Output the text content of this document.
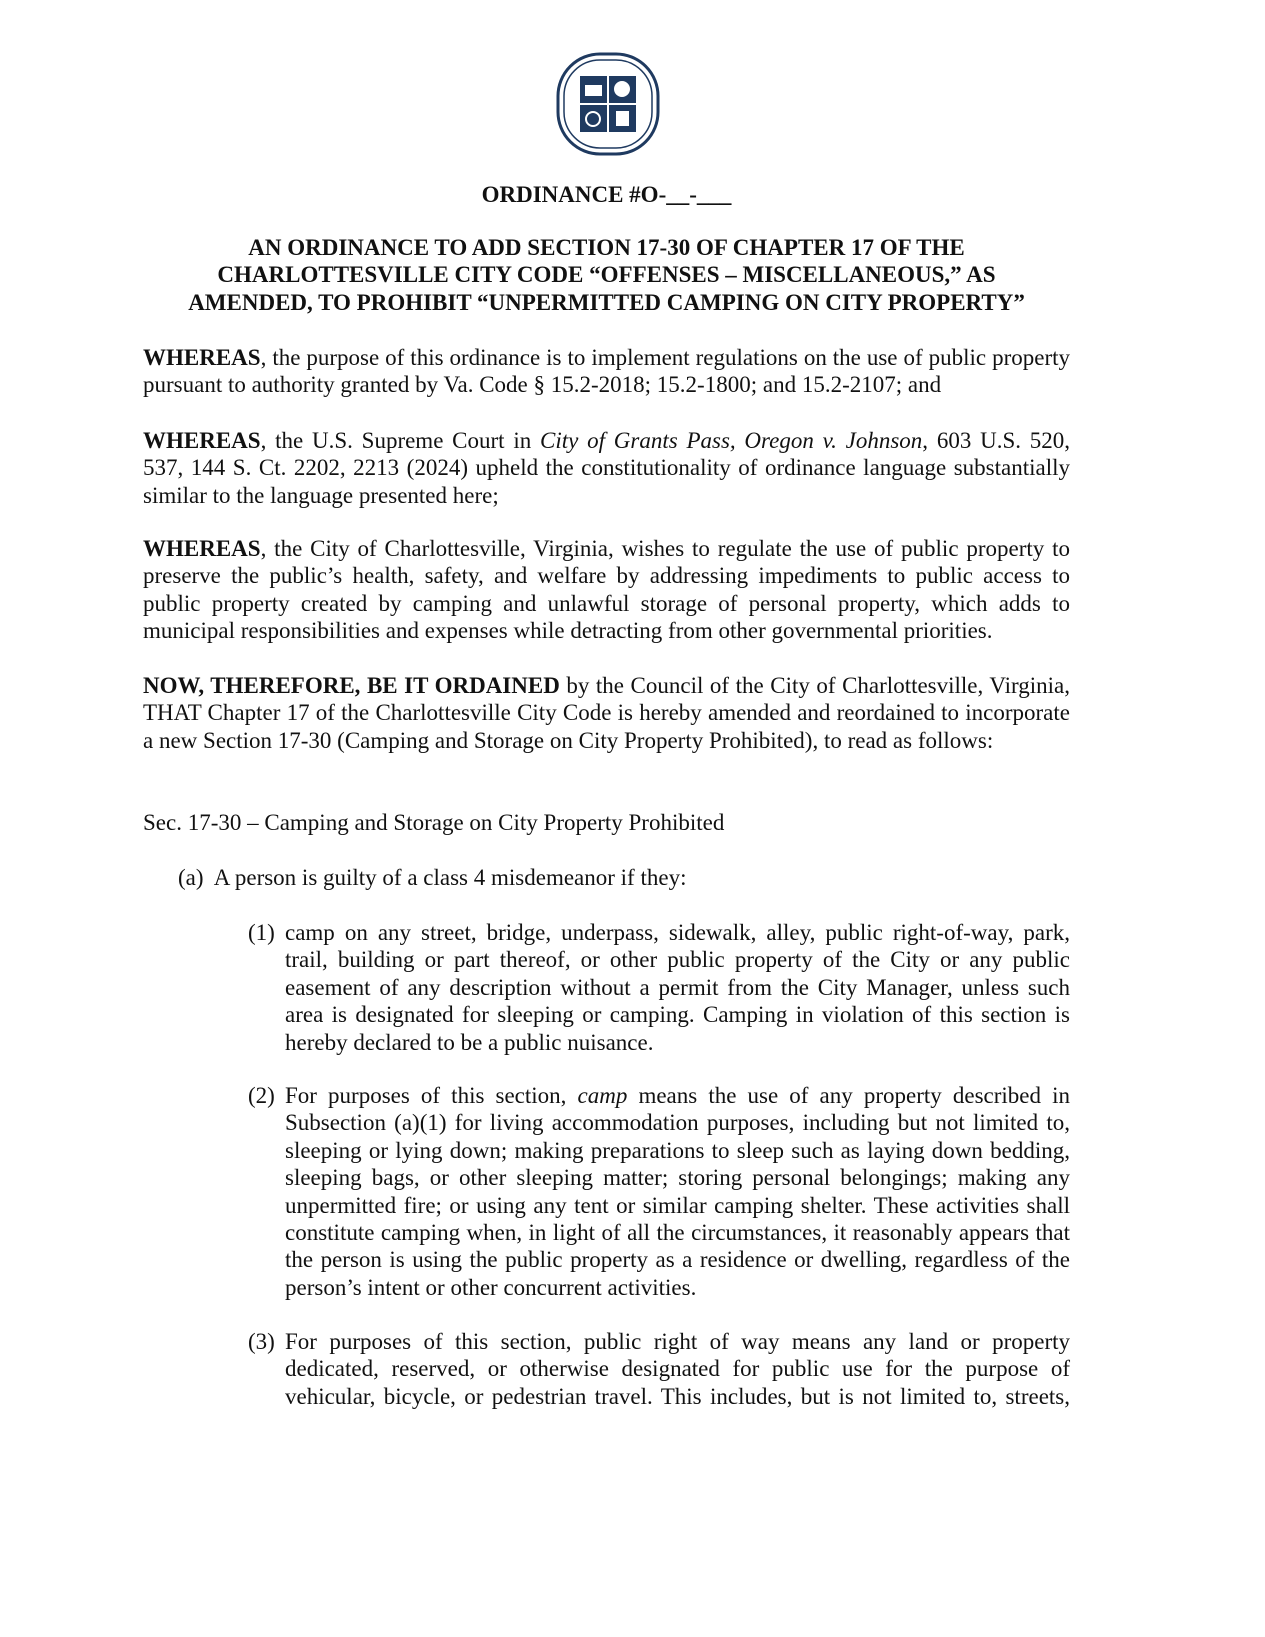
ORDINANCE #O-__-___
AN ORDINANCE TO ADD SECTION 17-30 OF CHAPTER 17 OF THE CHARLOTTESVILLE CITY CODE “OFFENSES – MISCELLANEOUS,” AS AMENDED, TO PROHIBIT “UNPERMITTED CAMPING ON CITY PROPERTY”
WHEREAS, the purpose of this ordinance is to implement regulations on the use of public property pursuant to authority granted by Va. Code § 15.2-2018; 15.2-1800; and 15.2-2107; and
WHEREAS, the U.S. Supreme Court in City of Grants Pass, Oregon v. Johnson, 603 U.S. 520, 537, 144 S. Ct. 2202, 2213 (2024) upheld the constitutionality of ordinance language substantially similar to the language presented here;
WHEREAS, the City of Charlottesville, Virginia, wishes to regulate the use of public property to preserve the public’s health, safety, and welfare by addressing impediments to public access to public property created by camping and unlawful storage of personal property, which adds to municipal responsibilities and expenses while detracting from other governmental priorities.
NOW, THEREFORE, BE IT ORDAINED by the Council of the City of Charlottesville, Virginia, THAT Chapter 17 of the Charlottesville City Code is hereby amended and reordained to incorporate a new Section 17-30 (Camping and Storage on City Property Prohibited), to read as follows:
Sec. 17-30 – Camping and Storage on City Property Prohibited
(a) A person is guilty of a class 4 misdemeanor if they:
(1) camp on any street, bridge, underpass, sidewalk, alley, public right-of-way, park, trail, building or part thereof, or other public property of the City or any public easement of any description without a permit from the City Manager, unless such area is designated for sleeping or camping. Camping in violation of this section is hereby declared to be a public nuisance.
(2) For purposes of this section, camp means the use of any property described in Subsection (a)(1) for living accommodation purposes, including but not limited to, sleeping or lying down; making preparations to sleep such as laying down bedding, sleeping bags, or other sleeping matter; storing personal belongings; making any unpermitted fire; or using any tent or similar camping shelter. These activities shall constitute camping when, in light of all the circumstances, it reasonably appears that the person is using the public property as a residence or dwelling, regardless of the person’s intent or other concurrent activities.
(3) For purposes of this section, public right of way means any land or property dedicated, reserved, or otherwise designated for public use for the purpose of vehicular, bicycle, or pedestrian travel. This includes, but is not limited to, streets,
